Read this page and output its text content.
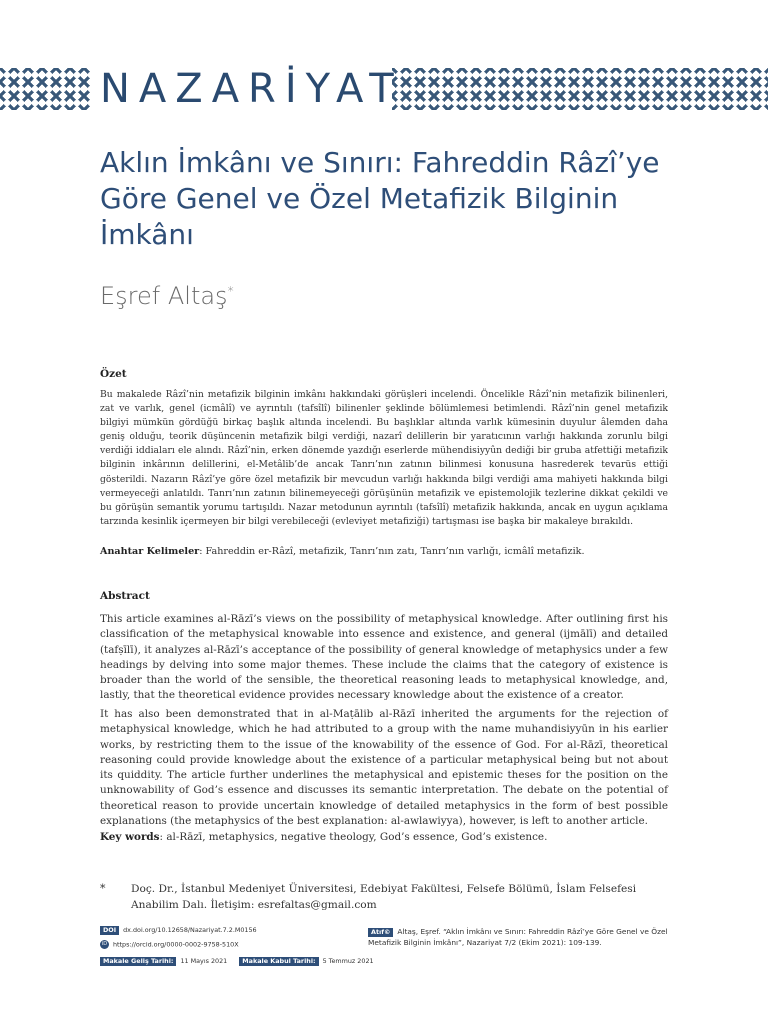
NAZARİYAT
Aklın İmkânı ve Sınırı: Fahreddin Râzî’ye Göre Genel ve Özel Metafizik Bilginin İmkânı
Eşref Altaş*
Özet

Bu makalede Râzî’nin metafizik bilginin imkânı hakkındaki görüşleri incelendi. Öncelikle Râzî’nin metafizik bilinenleri, zat ve varlık, genel (icmâlî) ve ayrıntılı (tafsîlî) bilinenler şeklinde bölümlemesi betimlendi. Râzî’nin genel metafizik bilgiyi mümkün gördüğü birkaç başlık altında incelendi. Bu başlıklar altında varlık kümesinin duyulur âlemden daha geniş olduğu, teorik düşüncenin metafizik bilgi verdiği, nazarî delillerin bir yaratıcının varlığı hakkında zorunlu bilgi verdiği iddiaları ele alındı. Râzî’nin, erken dönemde yazdığı eserlerde mühendisiyyûn dediği bir gruba atfettiği metafizik bilginin inkârının delillerini, el-Metâlib’de ancak Tanrı’nın zatının bilinmesi konusuna hasrederek tevarüs ettiği gösterildi. Nazarın Râzî’ye göre özel metafizik bir mevcudun varlığı hakkında bilgi verdiği ama mahiyeti hakkında bilgi vermeyeceği anlatıldı. Tanrı’nın zatının bilinemeyeceği görüşünün metafizik ve epistemolojik tezlerine dikkat çekildi ve bu görüşün semantik yorumu tartışıldı. Nazar metodunun ayrıntılı (tafsîlî) metafizik hakkında, ancak en uygun açıklama tarzında kesinlik içermeyen bir bilgi verebileceği (evleviyet metafiziği) tartışması ise başka bir makaleye bırakıldı.

Anahtar Kelimeler: Fahreddin er-Râzî, metafizik, Tanrı’nın zatı, Tanrı’nın varlığı, icmâlî metafizik.
Abstract

This article examines al-Rāzī’s views on the possibility of metaphysical knowledge. After outlining first his classification of the metaphysical knowable into essence and existence, and general (ijmālī) and detailed (tafṣīlī), it analyzes al-Rāzī’s acceptance of the possibility of general knowledge of metaphysics under a few headings by delving into some major themes. These include the claims that the category of existence is broader than the world of the sensible, the theoretical reasoning leads to metaphysical knowledge, and, lastly, that the theoretical evidence provides necessary knowledge about the existence of a creator.

It has also been demonstrated that in al-Maṭālib al-Rāzī inherited the arguments for the rejection of metaphysical knowledge, which he had attributed to a group with the name muhandisiyyūn in his earlier works, by restricting them to the issue of the knowability of the essence of God. For al-Rāzī, theoretical reasoning could provide knowledge about the existence of a particular metaphysical being but not about its quiddity. The article further underlines the metaphysical and epistemic theses for the position on the unknowability of God’s essence and discusses its semantic interpretation. The debate on the potential of theoretical reason to provide uncertain knowledge of detailed metaphysics in the form of best possible explanations (the metaphysics of the best explanation: al-awlawiyya), however, is left to another article.

Key words: al-Rāzī, metaphysics, negative theology, God’s essence, God’s existence.
* Doç. Dr., İstanbul Medeniyet Üniversitesi, Edebiyat Fakültesi, Felsefe Bölümü, İslam Felsefesi Anabilim Dalı. İletişim: esrefaltas@gmail.com
DOI dx.doi.org/10.12658/Nazariyat.7.2.M0156
iD https://orcid.org/0000-0002-9758-510X
Makale Geliş Tarihi: 11 Mayıs 2021 Makale Kabul Tarihi: 5 Temmuz 2021
Atıf© Altaş, Eşref. “Aklın İmkânı ve Sınırı: Fahreddin Râzî’ye Göre Genel ve Özel Metafizik Bilginin İmkânı”, Nazariyat 7/2 (Ekim 2021): 109-139.
